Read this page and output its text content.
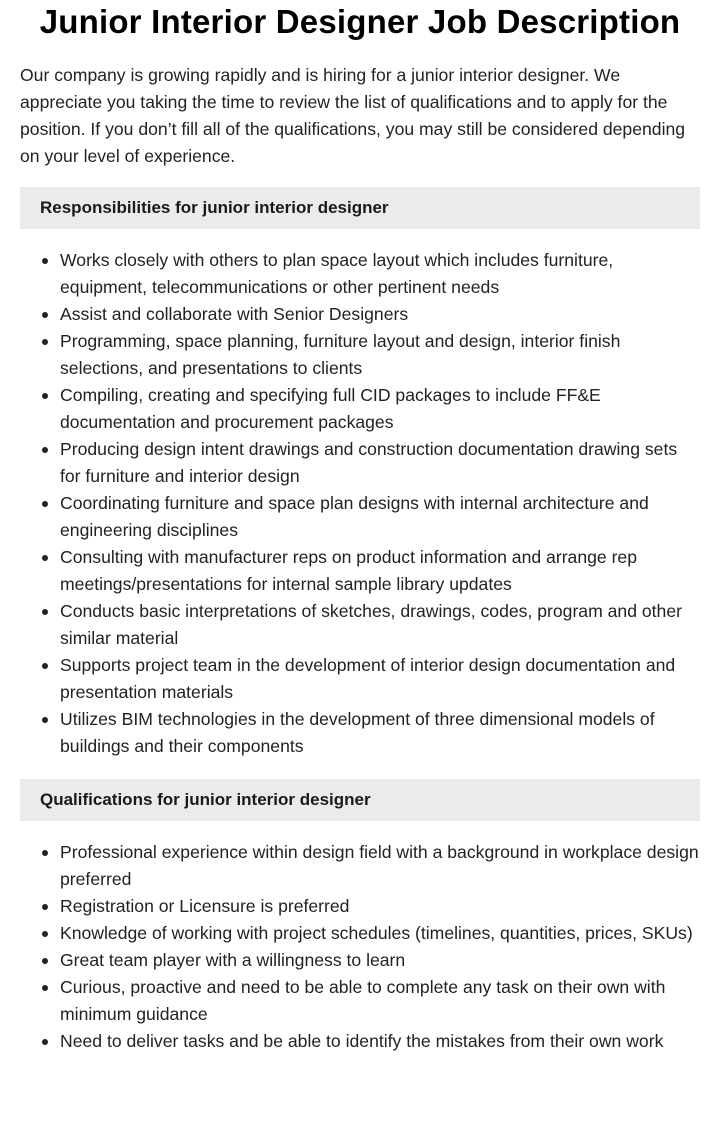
Junior Interior Designer Job Description

Our company is growing rapidly and is hiring for a junior interior designer. We appreciate you taking the time to review the list of qualifications and to apply for the position. If you don’t fill all of the qualifications, you may still be considered depending on your level of experience.

Responsibilities for junior interior designer
Works closely with others to plan space layout which includes furniture, equipment, telecommunications or other pertinent needs
Assist and collaborate with Senior Designers
Programming, space planning, furniture layout and design, interior finish selections, and presentations to clients
Compiling, creating and specifying full CID packages to include FF&E documentation and procurement packages
Producing design intent drawings and construction documentation drawing sets for furniture and interior design
Coordinating furniture and space plan designs with internal architecture and engineering disciplines
Consulting with manufacturer reps on product information and arrange rep meetings/presentations for internal sample library updates
Conducts basic interpretations of sketches, drawings, codes, program and other similar material
Supports project team in the development of interior design documentation and presentation materials
Utilizes BIM technologies in the development of three dimensional models of buildings and their components
Qualifications for junior interior designer
Professional experience within design field with a background in workplace design preferred
Registration or Licensure is preferred
Knowledge of working with project schedules (timelines, quantities, prices, SKUs)
Great team player with a willingness to learn
Curious, proactive and need to be able to complete any task on their own with minimum guidance
Need to deliver tasks and be able to identify the mistakes from their own work
